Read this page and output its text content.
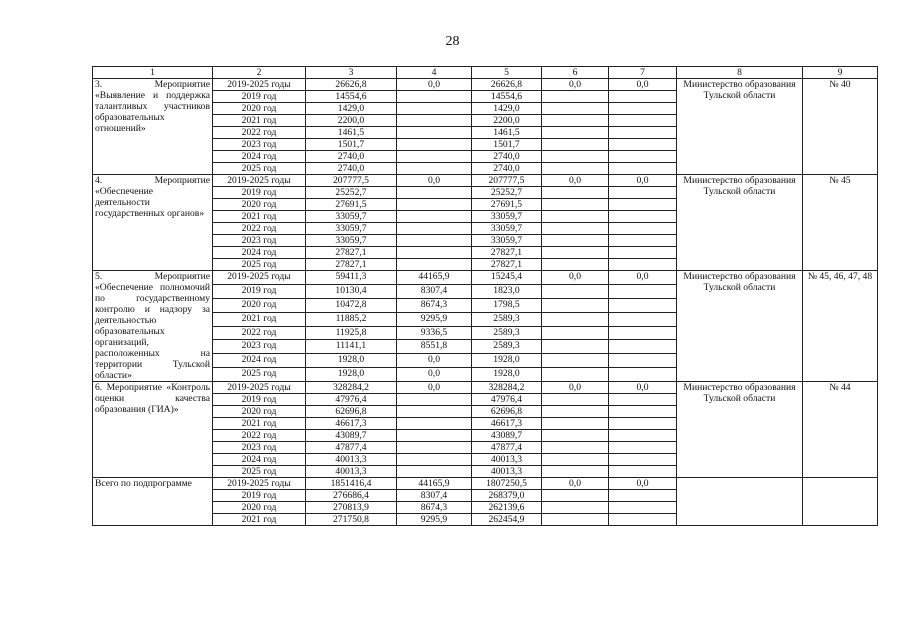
28
1	2	3	4	5	6	7	8	9
3. Мероприятие «Выявление и поддержка талантливых участников образовательных отношений»	2019-2025 годы	26626,8	0,0	26626,8	0,0	0,0	Министерство образования Тульской области	№ 40
	2019 год	14554,6		14554,6				
	2020 год	1429,0		1429,0				
	2021 год	2200,0		2200,0				
	2022 год	1461,5		1461,5				
	2023 год	1501,7		1501,7				
	2024 год	2740,0		2740,0				
	2025 год	2740,0		2740,0				
4. Мероприятие «Обеспечение деятельности государственных органов»	2019-2025 годы	207777,5	0,0	207777,5	0,0	0,0	Министерство образования Тульской области	№ 45
	2019 год	25252,7		25252,7				
	2020 год	27691,5		27691,5				
	2021 год	33059,7		33059,7				
	2022 год	33059,7		33059,7				
	2023 год	33059,7		33059,7				
	2024 год	27827,1		27827,1				
	2025 год	27827,1		27827,1				
5. Мероприятие «Обеспечение полномочий по государственному контролю и надзору за деятельностью образовательных организаций, расположенных на территории Тульской области»	2019-2025 годы	59411,3	44165,9	15245,4	0,0	0,0	Министерство образования Тульской области	№ 45, 46, 47, 48
	2019 год	10130,4	8307,4	1823,0				
	2020 год	10472,8	8674,3	1798,5				
	2021 год	11885,2	9295,9	2589,3				
	2022 год	11925,8	9336,5	2589,3				
	2023 год	11141,1	8551,8	2589,3				
	2024 год	1928,0	0,0	1928,0				
	2025 год	1928,0	0,0	1928,0				
6. Мероприятие «Контроль оценки качества образования (ГИА)»	2019-2025 годы	328284,2	0,0	328284,2	0,0	0,0	Министерство образования Тульской области	№ 44
	2019 год	47976,4		47976,4				
	2020 год	62696,8		62696,8				
	2021 год	46617,3		46617,3				
	2022 год	43089,7		43089,7				
	2023 год	47877,4		47877,4				
	2024 год	40013,3		40013,3				
	2025 год	40013,3		40013,3				
Всего по подпрограмме	2019-2025 годы	1851416,4	44165,9	1807250,5	0,0	0,0		
	2019 год	276686,4	8307,4	268379,0				
	2020 год	270813,9	8674,3	262139,6				
	2021 год	271750,8	9295,9	262454,9				
